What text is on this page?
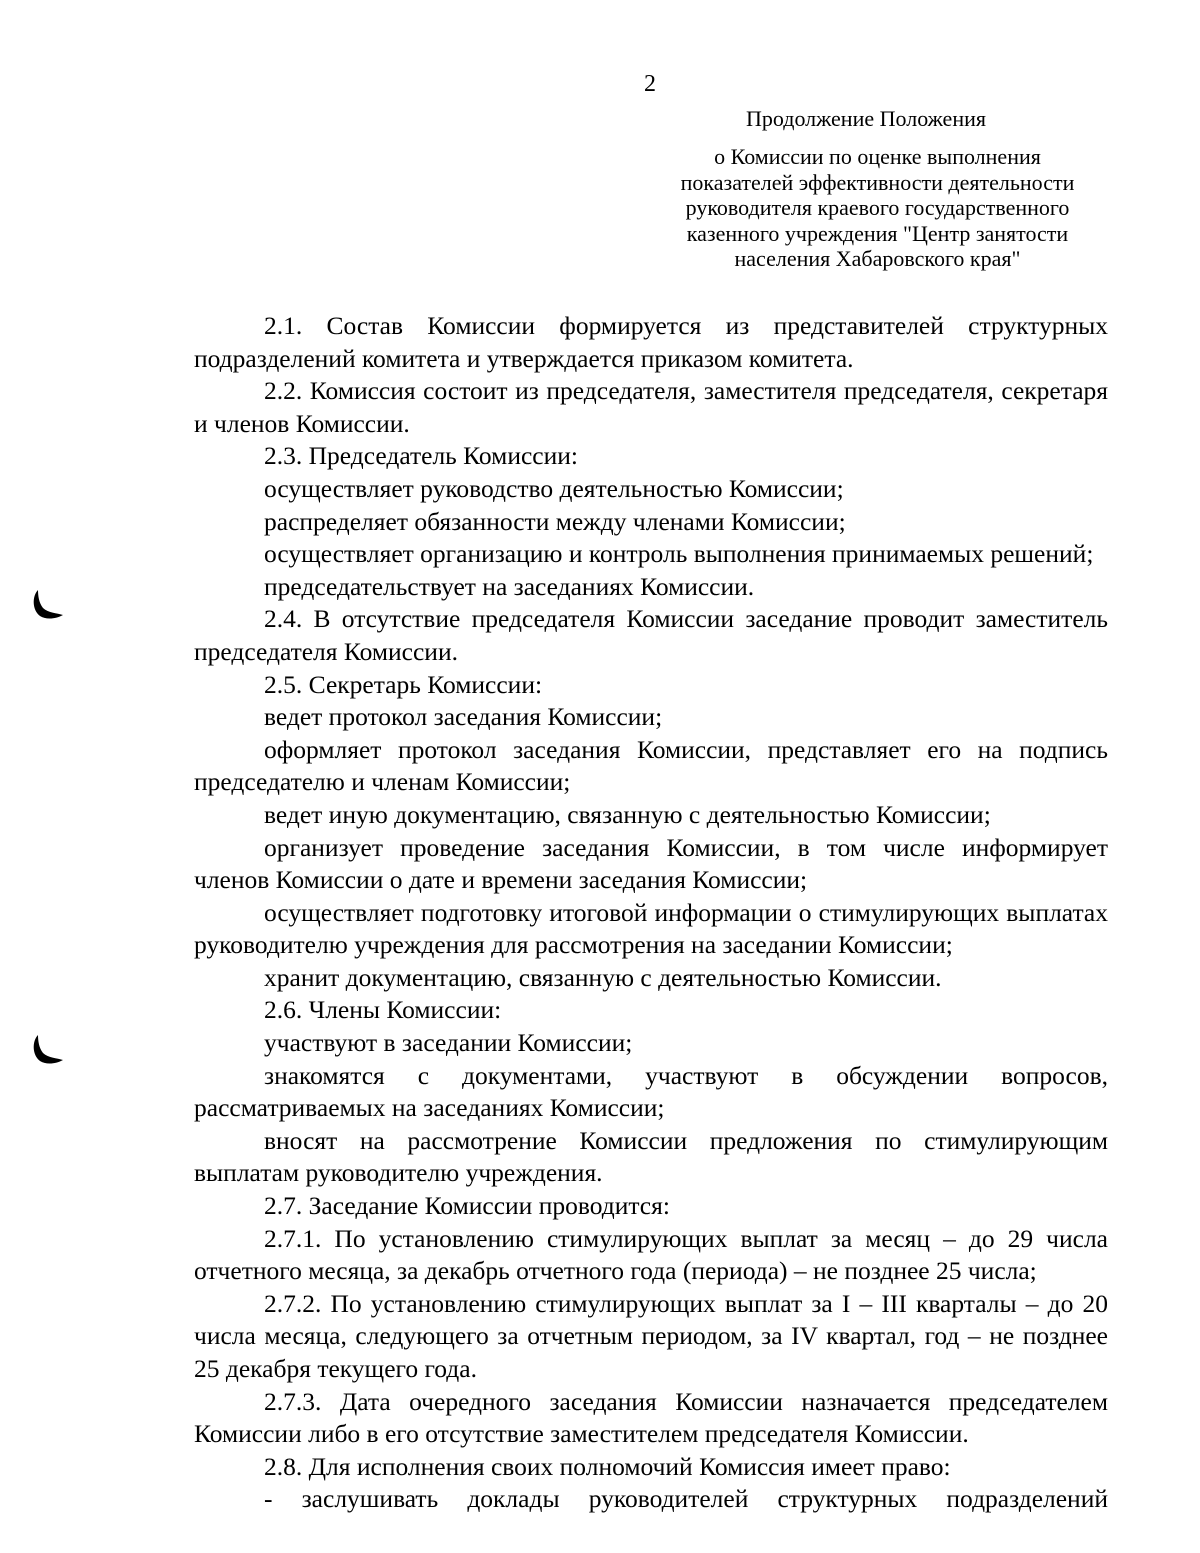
2
Продолжение Положения
о Комиссии по оценке выполнения
показателей эффективности деятельности
руководителя краевого государственного
казенного учреждения "Центр занятости
населения Хабаровского края"

2.1. Состав Комиссии формируется из представителей структурных подразделений комитета и утверждается приказом комитета.

2.2. Комиссия состоит из председателя, заместителя председателя, секретаря и членов Комиссии.

2.3. Председатель Комиссии:

осуществляет руководство деятельностью Комиссии;

распределяет обязанности между членами Комиссии;

осуществляет организацию и контроль выполнения принимаемых решений;

председательствует на заседаниях Комиссии.

2.4. В отсутствие председателя Комиссии заседание проводит заместитель председателя Комиссии.

2.5. Секретарь Комиссии:

ведет протокол заседания Комиссии;

оформляет протокол заседания Комиссии, представляет его на подпись председателю и членам Комиссии;

ведет иную документацию, связанную с деятельностью Комиссии;

организует проведение заседания Комиссии, в том числе информирует членов Комиссии о дате и времени заседания Комиссии;

осуществляет подготовку итоговой информации о стимулирующих выплатах руководителю учреждения для рассмотрения на заседании Комиссии;

хранит документацию, связанную с деятельностью Комиссии.

2.6. Члены Комиссии:

участвуют в заседании Комиссии;

знакомятся с документами, участвуют в обсуждении вопросов, рассматриваемых на заседаниях Комиссии;

вносят на рассмотрение Комиссии предложения по стимулирующим выплатам руководителю учреждения.

2.7. Заседание Комиссии проводится:

2.7.1. По установлению стимулирующих выплат за месяц – до 29 числа отчетного месяца, за декабрь отчетного года (периода) – не позднее 25 числа;

2.7.2. По установлению стимулирующих выплат за I – III кварталы – до 20 числа месяца, следующего за отчетным периодом, за IV квартал, год – не позднее 25 декабря текущего года.

2.7.3. Дата очередного заседания Комиссии назначается председателем Комиссии либо в его отсутствие заместителем председателя Комиссии.

2.8. Для исполнения своих полномочий Комиссия имеет право:

- заслушивать доклады руководителей структурных подразделений
